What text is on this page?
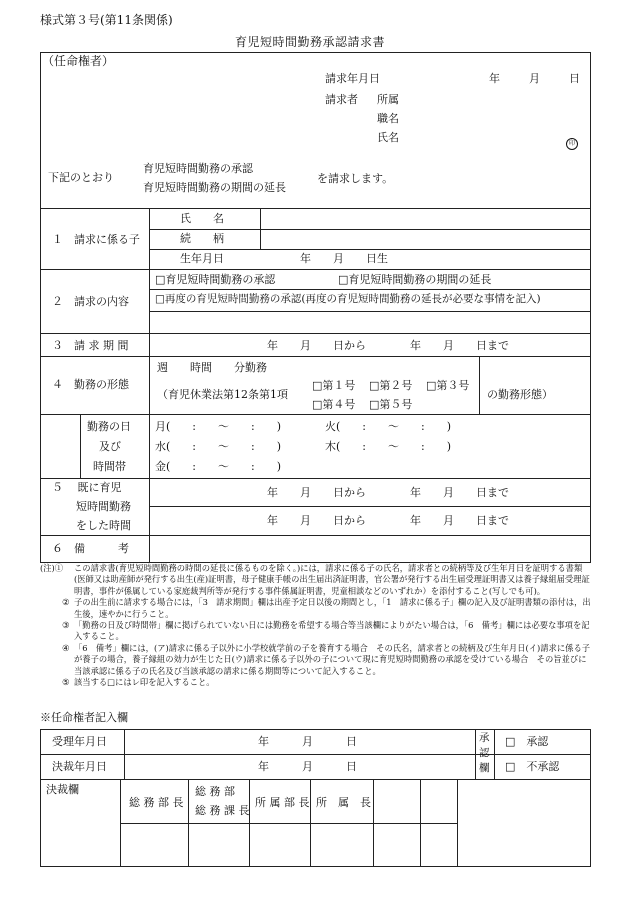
様式第３号(第11条関係)
育児短時間勤務承認請求書
（任命権者）
請求年月日	年	月	日
請求者 所属
職名
氏名	印
下記のとおり
育児短時間勤務の承認
育児短時間勤務の期間の延長
を請求します。
１　請求に係る子
氏　　名
続　　柄
生年月日	年　　月　　日生
２　請求の内容
□育児短時間勤務の承認	□育児短時間勤務の期間の延長
□再度の育児短時間勤務の承認(再度の育児短時間勤務の延長が必要な事情を記入)
３　請 求 期 間	年　　月　　日から　　　　年　　月　　日まで
４　勤務の形態
週　　時間　　分勤務
（育児休業法第12条第1項
□第１号 □第２号 □第３号
□第４号 □第５号
の勤務形態）
勤務の日
及び
時間帯
月(　　:　　〜　　:　　)	火(　　:　　〜　　:　　)
水(　　:　　〜　　:　　)	木(　　:　　〜　　:　　)
金(　　:　　〜　　:　　)
５　 既に育児
短時間勤務
をした時間
年　　月　　日から　　　　年　　月　　日まで
年　　月　　日から　　　　年　　月　　日まで
６　備　　　考
(注)① この請求書(育児短時間勤務の時間の延長に係るものを除く。)には，請求に係る子の氏名，請求者との続柄等及び生年月日を証明する書類(医師又は助産師が発行する出生(産)証明書，母子健康手帳の出生届出済証明書，官公署が発行する出生届受理証明書又は養子縁組届受理証明書，事件が係属している家庭裁判所等が発行する事件係属証明書，児童相談などのいずれか）を添付すること(写しでも可)。
② 子の出生前に請求する場合には，「3　請求期間」欄は出産予定日以後の期間とし，「1　請求に係る子」欄の記入及び証明書類の添付は，出生後，速やかに行うこと。
③ 「勤務の日及び時間帯」欄に掲げられていない日には勤務を希望する場合等当該欄によりがたい場合は，「6　備考」欄には必要な事項を記入すること。
④ 「6　備考」欄には，(ア)請求に係る子以外に小学校就学前の子を養育する場合　その氏名，請求者との続柄及び生年月日(イ)請求に係る子が養子の場合，養子縁組の効力が生じた日(ウ)請求に係る子以外の子について現に育児短時間勤務の承認を受けている場合　その旨並びに当該承認に係る子の氏名及び当該承認の請求に係る期間等について記入すること。
⑤ 該当する□にはレ印を記入すること。
※任命権者記入欄
受理年月日	年　　　月　　　日
決裁年月日	年　　　月　　　日
承認欄
□　承認
□　不承認
決裁欄
総 務 部 長
総 務 部
総 務 課 長
所 属 部 長 所　属　長
